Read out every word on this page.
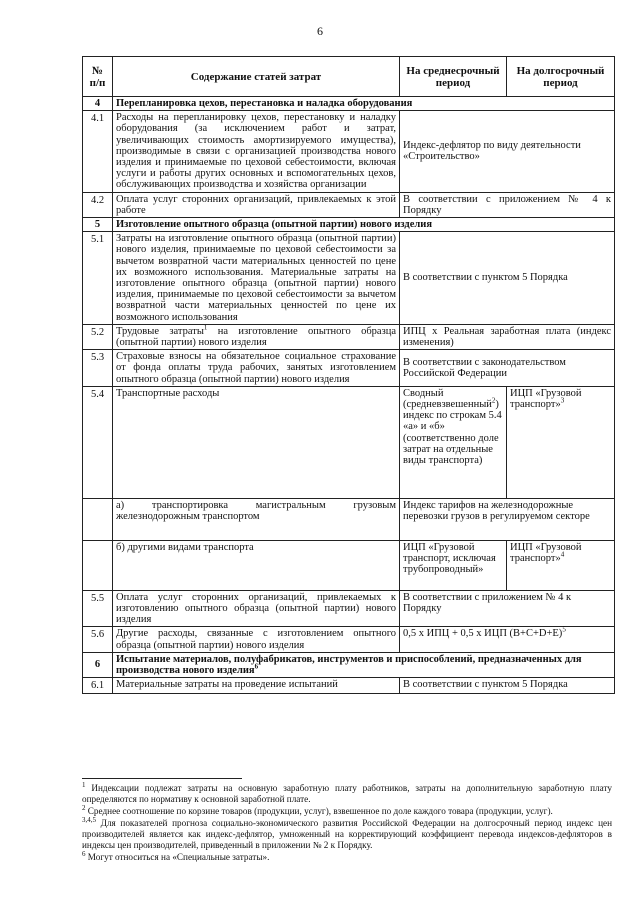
6
№ п/п	Содержание статей затрат	На среднесрочный период	На долгосрочный период
4	Перепланировка цехов, перестановка и наладка оборудования		
4.1	Расходы на перепланировку цехов, перестановку и наладку оборудования (за исключением работ и затрат, увеличивающих стоимость амортизируемого имущества), производимые в связи с организацией производства нового изделия и принимаемые по цеховой себестоимости, включая услуги и работы других основных и вспомогательных цехов, обслуживающих производства и хозяйства организации	Индекс-дефлятор по виду деятельности «Строительство»	
4.2	Оплата услуг сторонних организаций, привлекаемых к этой работе	В соответствии с приложением № 4 к Порядку	
5	Изготовление опытного образца (опытной партии) нового изделия		
5.1	Затраты на изготовление опытного образца (опытной партии) нового изделия, принимаемые по цеховой себестоимости за вычетом возвратной части материальных ценностей по цене их возможного использования. Материальные затраты на изготовление опытного образца (опытной партии) нового изделия, принимаемые по цеховой себестоимости за вычетом возвратной части материальных ценностей по цене их возможного использования	В соответствии с пунктом 5 Порядка	
5.2	Трудовые затраты$^1$ на изготовление опытного образца (опытной партии) нового изделия	ИПЦ х Реальная заработная плата (индекс изменения)	
5.3	Страховые взносы на обязательное социальное страхование от фонда оплаты труда рабочих, занятых изготовлением опытного образца (опытной партии) нового изделия	В соответствии с законодательством Российской Федерации	
5.4	Транспортные расходы	Сводный (средневзвешенный$^2$) индекс по строкам 5.4 «а» и «б» (соответственно доле затрат на отдельные виды транспорта)	ИЦП «Грузовой транспорт»$^3$
	а) транспортировка магистральным грузовым железнодорожным транспортом	Индекс тарифов на железнодорожные перевозки грузов в регулируемом секторе	
	б) другими видами транспорта	ИЦП «Грузовой транспорт, исключая трубопроводный»	ИЦП «Грузовой транспорт»$^4$
5.5	Оплата услуг сторонних организаций, привлекаемых к изготовлению опытного образца (опытной партии) нового изделия	В соответствии с приложением № 4 к Порядку	
5.6	Другие расходы, связанные с изготовлением опытного образца (опытной партии) нового изделия	0,5 х ИПЦ + 0,5 х ИЦП $(В+С+D+Е)^5$
6	Испытание материалов, полуфабрикатов, инструментов и приспособлений, предназначенных для производства нового изделия$^6$
6.1	Материальные затраты на проведение испытаний	В соответствии с пунктом 5 Порядка	

$^1$ Индексации подлежат затраты на основную заработную плату работников, затраты на дополнительную заработную плату определяются по нормативу к основной заработной плате.

$^2$ Среднее соотношение по корзине товаров (продукции, услуг), взвешенное по доле каждого товара (продукции, услуг).

$^{3,4,5}$ Для показателей прогноза социально-экономического развития Российской Федерации на долгосрочный период индекс цен производителей является как индекс-дефлятор, умноженный на корректирующий коэффициент перевода индексов-дефляторов в индексы цен производителей, приведенный в приложении № 2 к Порядку.

$^6$ Могут относиться на «Специальные затраты».
